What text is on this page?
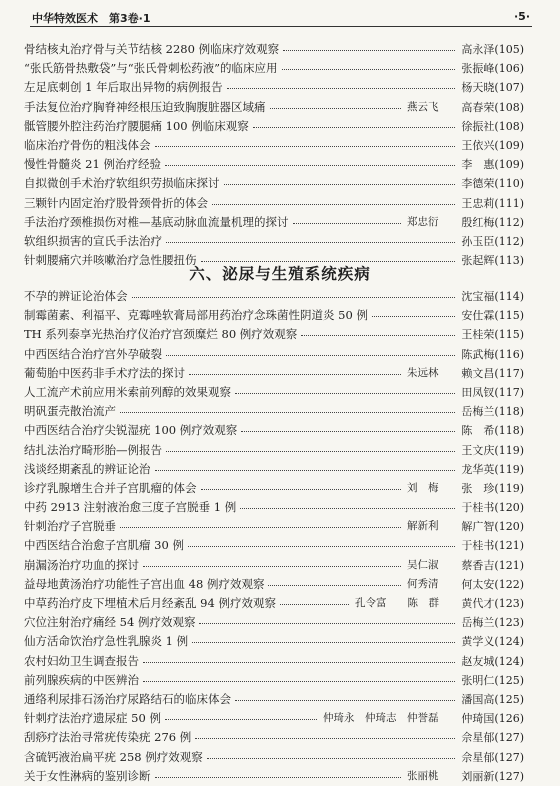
中华特效医术　第3卷·1	·5·
骨结核丸治疗骨与关节结核 2280 例临床疗效观察	高永泽(105)
“张氏筋骨热敷袋”与“张氏骨刺松药液”的临床应用	张振峰(106)
左足底刺创 1 年后取出异物的病例报告	杨天晓(107)
手法复位治疗胸脊神经根压迫致胸腹脏器区域痛	燕云飞 高春荣(108)
骶管腰外腔注药治疗腰腿痛 100 例临床观察	徐振社(108)
临床治疗骨伤的粗浅体会	王依兴(109)
慢性骨髓炎 21 例治疗经验	李　惠(109)
自拟微创手术治疗软组织劳损临床探讨	李德荣(110)
三颗针内固定治疗股骨颈骨折的体会	王忠莉(111)
手法治疗颈椎损伤对椎—基底动脉血流量机理的探讨	郑忠衍 殷红梅(112)
软组织损害的宣氏手法治疗	孙玉臣(112)
针刺腰痛穴并咳嗽治疗急性腰扭伤	张起辉(113)
六、泌尿与生殖系统疾病
不孕的辨证论治体会	沈宝福(114)
制霉菌素、利福平、克霉唑软膏局部用药治疗念珠菌性阴道炎 50 例	安仕霖(115)
TH 系列泰享光热治疗仪治疗宫颈糜烂 80 例疗效观察	王桂荣(115)
中西医结合治疗宫外孕破裂	陈武梅(116)
葡萄胎中医药非手术疗法的探讨	朱远林 赖文昌(117)
人工流产术前应用米索前列醇的效果观察	田凤钗(117)
明矾蛋壳散治流产	岳梅兰(118)
中西医结合治疗尖锐湿疣 100 例疗效观察	陈　希(118)
结扎法治疗畸形胎—例报告	王文庆(119)
浅谈经期紊乱的辨证论治	龙华英(119)
诊疗乳腺增生合并子宫肌瘤的体会	刘　梅 张　珍(119)
中药 2913 注射液治愈三度子宫脱垂 1 例	于桂书(120)
针刺治疗子宫脱垂	解新利 解广智(120)
中西医结合治愈子宫肌瘤 30 例	于桂书(121)
崩漏汤治疗功血的探讨	吴仁淑 蔡香吉(121)
益母地黄汤治疗功能性子宫出血 48 例疗效观察	何秀清 何太安(122)
中草药治疗皮下埋植术后月经紊乱 94 例疗效观察	孔令富　　陈　群 黄代才(123)
穴位注射治疗痛经 54 例疗效观察	岳梅兰(123)
仙方活命饮治疗急性乳腺炎 1 例	黄学义(124)
农村妇幼卫生调查报告	赵友城(124)
前列腺疾病的中医辨治	张明仁(125)
通络利尿排石汤治疗尿路结石的临床体会	潘国高(125)
针刺疗法治疗遗尿症 50 例	仲琦永　仲琦志　仲誉磊 仲琦国(126)
刮痧疗法治寻常疣传染疣 276 例	佘星郁(127)
含硫钙液治扁平疣 258 例疗效观察	佘星郁(127)
关于女性淋病的鉴别诊断	张丽桃 刘丽新(127)
